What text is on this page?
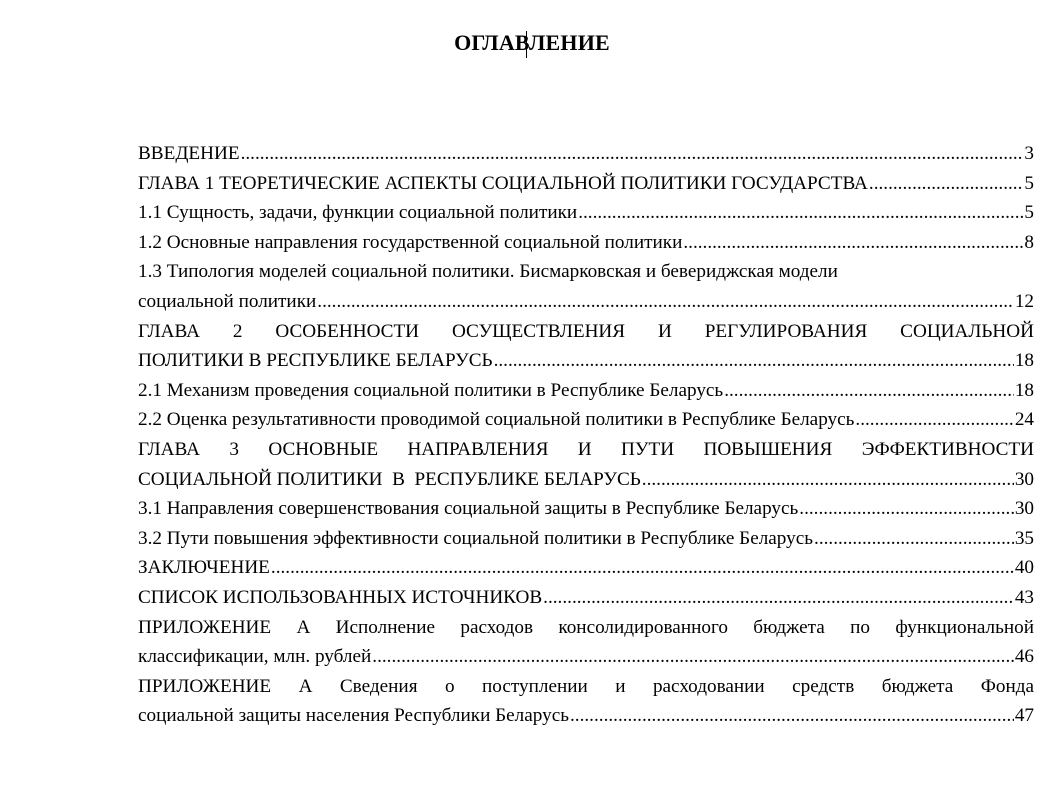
ОГЛАВЛЕНИЕ
ВВЕДЕНИЕ .....	3
ГЛАВА 1 ТЕОРЕТИЧЕСКИЕ АСПЕКТЫ СОЦИАЛЬНОЙ ПОЛИТИКИ ГОСУДАРСТВА .....	5
1.1 Сущность, задачи, функции социальной политики .....	5
1.2 Основные направления государственной социальной политики .....	8
1.3 Типология моделей социальной политики. Бисмарковская и бевериджская модели
социальной политики .....	12
ГЛАВА 2 ОСОБЕННОСТИ ОСУЩЕСТВЛЕНИЯ И РЕГУЛИРОВАНИЯ СОЦИАЛЬНОЙ
ПОЛИТИКИ В РЕСПУБЛИКЕ БЕЛАРУСЬ .....	18
2.1 Механизм проведения социальной политики в Республике Беларусь .....	18
2.2 Оценка результативности проводимой социальной политики в Республике Беларусь .....	24
ГЛАВА 3 ОСНОВНЫЕ НАПРАВЛЕНИЯ И ПУТИ ПОВЫШЕНИЯ ЭФФЕКТИВНОСТИ
СОЦИАЛЬНОЙ ПОЛИТИКИ  В  РЕСПУБЛИКЕ БЕЛАРУСЬ .....	30
3.1 Направления совершенствования социальной защиты в Республике Беларусь .....	30
3.2 Пути повышения эффективности социальной политики в Республике Беларусь .....	35
ЗАКЛЮЧЕНИЕ .....	40
СПИСОК ИСПОЛЬЗОВАННЫХ ИСТОЧНИКОВ .....	43
ПРИЛОЖЕНИЕ А Исполнение расходов консолидированного бюджета по функциональной
классификации, млн. рублей .....	46
ПРИЛОЖЕНИЕ А Сведения о поступлении и расходовании средств бюджета Фонда
социальной защиты населения Республики Беларусь .....	47
